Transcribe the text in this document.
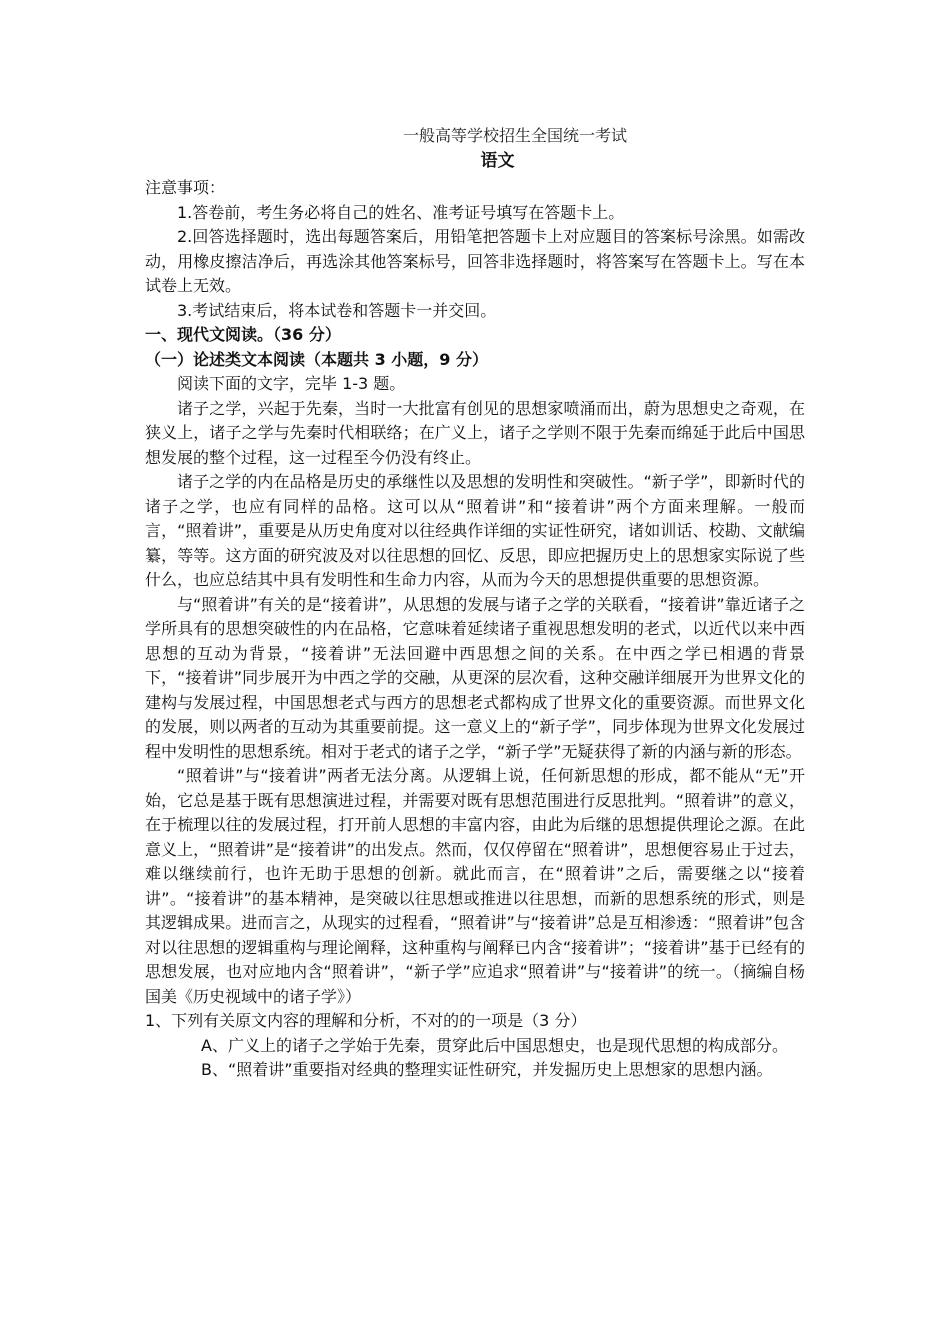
一般高等学校招生全国统一考试
语文

注意事项：

1.答卷前，考生务必将自己的姓名、准考证号填写在答题卡上。

2.回答选择题时，选出每题答案后，用铅笔把答题卡上对应题目的答案标号涂黑。如需改动，用橡皮擦洁净后，再选涂其他答案标号，回答非选择题时，将答案写在答题卡上。写在本试卷上无效。

3.考试结束后，将本试卷和答题卡一并交回。

一、现代文阅读。（36 分）

（一）论述类文本阅读（本题共 3 小题，9 分）

阅读下面的文字，完毕 1-3 题。

诸子之学，兴起于先秦，当时一大批富有创见的思想家喷涌而出，蔚为思想史之奇观，在狭义上，诸子之学与先秦时代相联络；在广义上，诸子之学则不限于先秦而绵延于此后中国思想发展的整个过程，这一过程至今仍没有终止。

诸子之学的内在品格是历史的承继性以及思想的发明性和突破性。“新子学”，即新时代的诸子之学，也应有同样的品格。这可以从“照着讲”和“接着讲”两个方面来理解。一般而言，“照着讲”，重要是从历史角度对以往经典作详细的实证性研究，诸如训话、校勘、文献编纂，等等。这方面的研究波及对以往思想的回忆、反思，即应把握历史上的思想家实际说了些什么，也应总结其中具有发明性和生命力内容，从而为今天的思想提供重要的思想资源。

与“照着讲”有关的是“接着讲”，从思想的发展与诸子之学的关联看，“接着讲”靠近诸子之学所具有的思想突破性的内在品格，它意味着延续诸子重视思想发明的老式，以近代以来中西思想的互动为背景，“接着讲”无法回避中西思想之间的关系。在中西之学已相遇的背景下，“接着讲”同步展开为中西之学的交融，从更深的层次看，这种交融详细展开为世界文化的建构与发展过程，中国思想老式与西方的思想老式都构成了世界文化的重要资源。而世界文化的发展，则以两者的互动为其重要前提。这一意义上的“新子学”，同步体现为世界文化发展过程中发明性的思想系统。相对于老式的诸子之学，“新子学”无疑获得了新的内涵与新的形态。

“照着讲”与“接着讲”两者无法分离。从逻辑上说，任何新思想的形成，都不能从“无”开始，它总是基于既有思想演进过程，并需要对既有思想范围进行反思批判。“照着讲”的意义，在于梳理以往的发展过程，打开前人思想的丰富内容，由此为后继的思想提供理论之源。在此意义上，“照着讲”是“接着讲”的出发点。然而，仅仅停留在“照着讲”，思想便容易止于过去，难以继续前行，也许无助于思想的创新。就此而言，在“照着讲”之后，需要继之以“接着讲”。“接着讲”的基本精神，是突破以往思想或推进以往思想，而新的思想系统的形式，则是其逻辑成果。进而言之，从现实的过程看，“照着讲”与“接着讲”总是互相渗透：“照着讲”包含对以往思想的逻辑重构与理论阐释，这种重构与阐释已内含“接着讲”；“接着讲”基于已经有的思想发展，也对应地内含“照着讲”，“新子学”应追求“照着讲”与“接着讲”的统一。（摘编自杨国美《历史视域中的诸子学》）

1、下列有关原文内容的理解和分析，不对的的一项是（3 分）

A、广义上的诸子之学始于先秦，贯穿此后中国思想史，也是现代思想的构成部分。

B、“照着讲”重要指对经典的整理实证性研究，并发掘历史上思想家的思想内涵。
